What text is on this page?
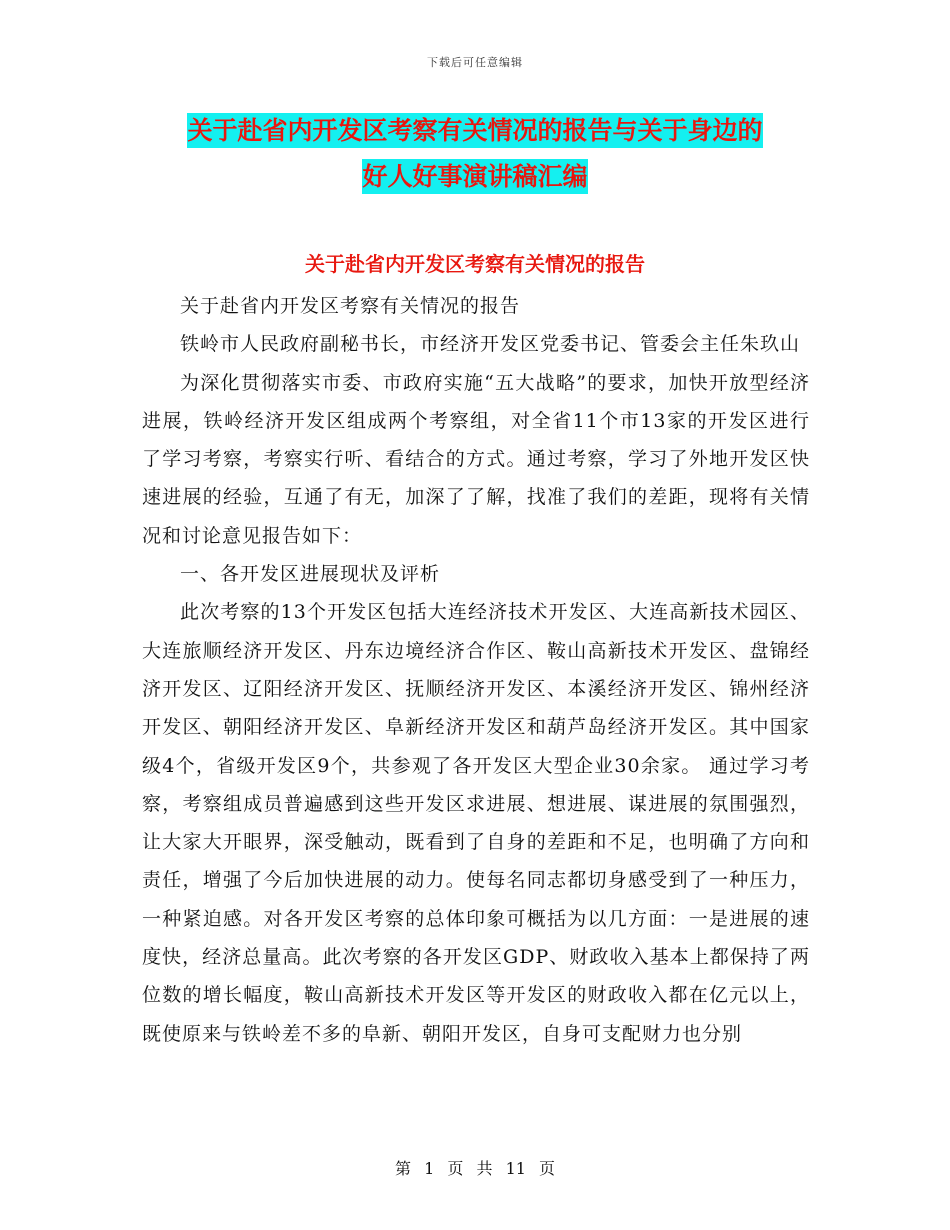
下载后可任意编辑
关于赴省内开发区考察有关情况的报告与关于身边的
好人好事演讲稿汇编
关于赴省内开发区考察有关情况的报告

关于赴省内开发区考察有关情况的报告

铁岭市人民政府副秘书长，市经济开发区党委书记、管委会主任朱玖山

为深化贯彻落实市委、市政府实施“五大战略”的要求，加快开放型经济进展，铁岭经济开发区组成两个考察组，对全省11个市13家的开发区进行了学习考察，考察实行听、看结合的方式。通过考察，学习了外地开发区快速进展的经验，互通了有无，加深了了解，找准了我们的差距，现将有关情况和讨论意见报告如下：

一、各开发区进展现状及评析

此次考察的13个开发区包括大连经济技术开发区、大连高新技术园区、大连旅顺经济开发区、丹东边境经济合作区、鞍山高新技术开发区、盘锦经济开发区、辽阳经济开发区、抚顺经济开发区、本溪经济开发区、锦州经济开发区、朝阳经济开发区、阜新经济开发区和葫芦岛经济开发区。其中国家级4个，省级开发区9个，共参观了各开发区大型企业30余家。 通过学习考察，考察组成员普遍感到这些开发区求进展、想进展、谋进展的氛围强烈，让大家大开眼界，深受触动，既看到了自身的差距和不足，也明确了方向和责任，增强了今后加快进展的动力。使每名同志都切身感受到了一种压力，一种紧迫感。对各开发区考察的总体印象可概括为以几方面：一是进展的速度快，经济总量高。此次考察的各开发区GDP、财政收入基本上都保持了两位数的增长幅度，鞍山高新技术开发区等开发区的财政收入都在亿元以上，既使原来与铁岭差不多的阜新、朝阳开发区，自身可支配财力也分别

第 1 页 共 11 页
